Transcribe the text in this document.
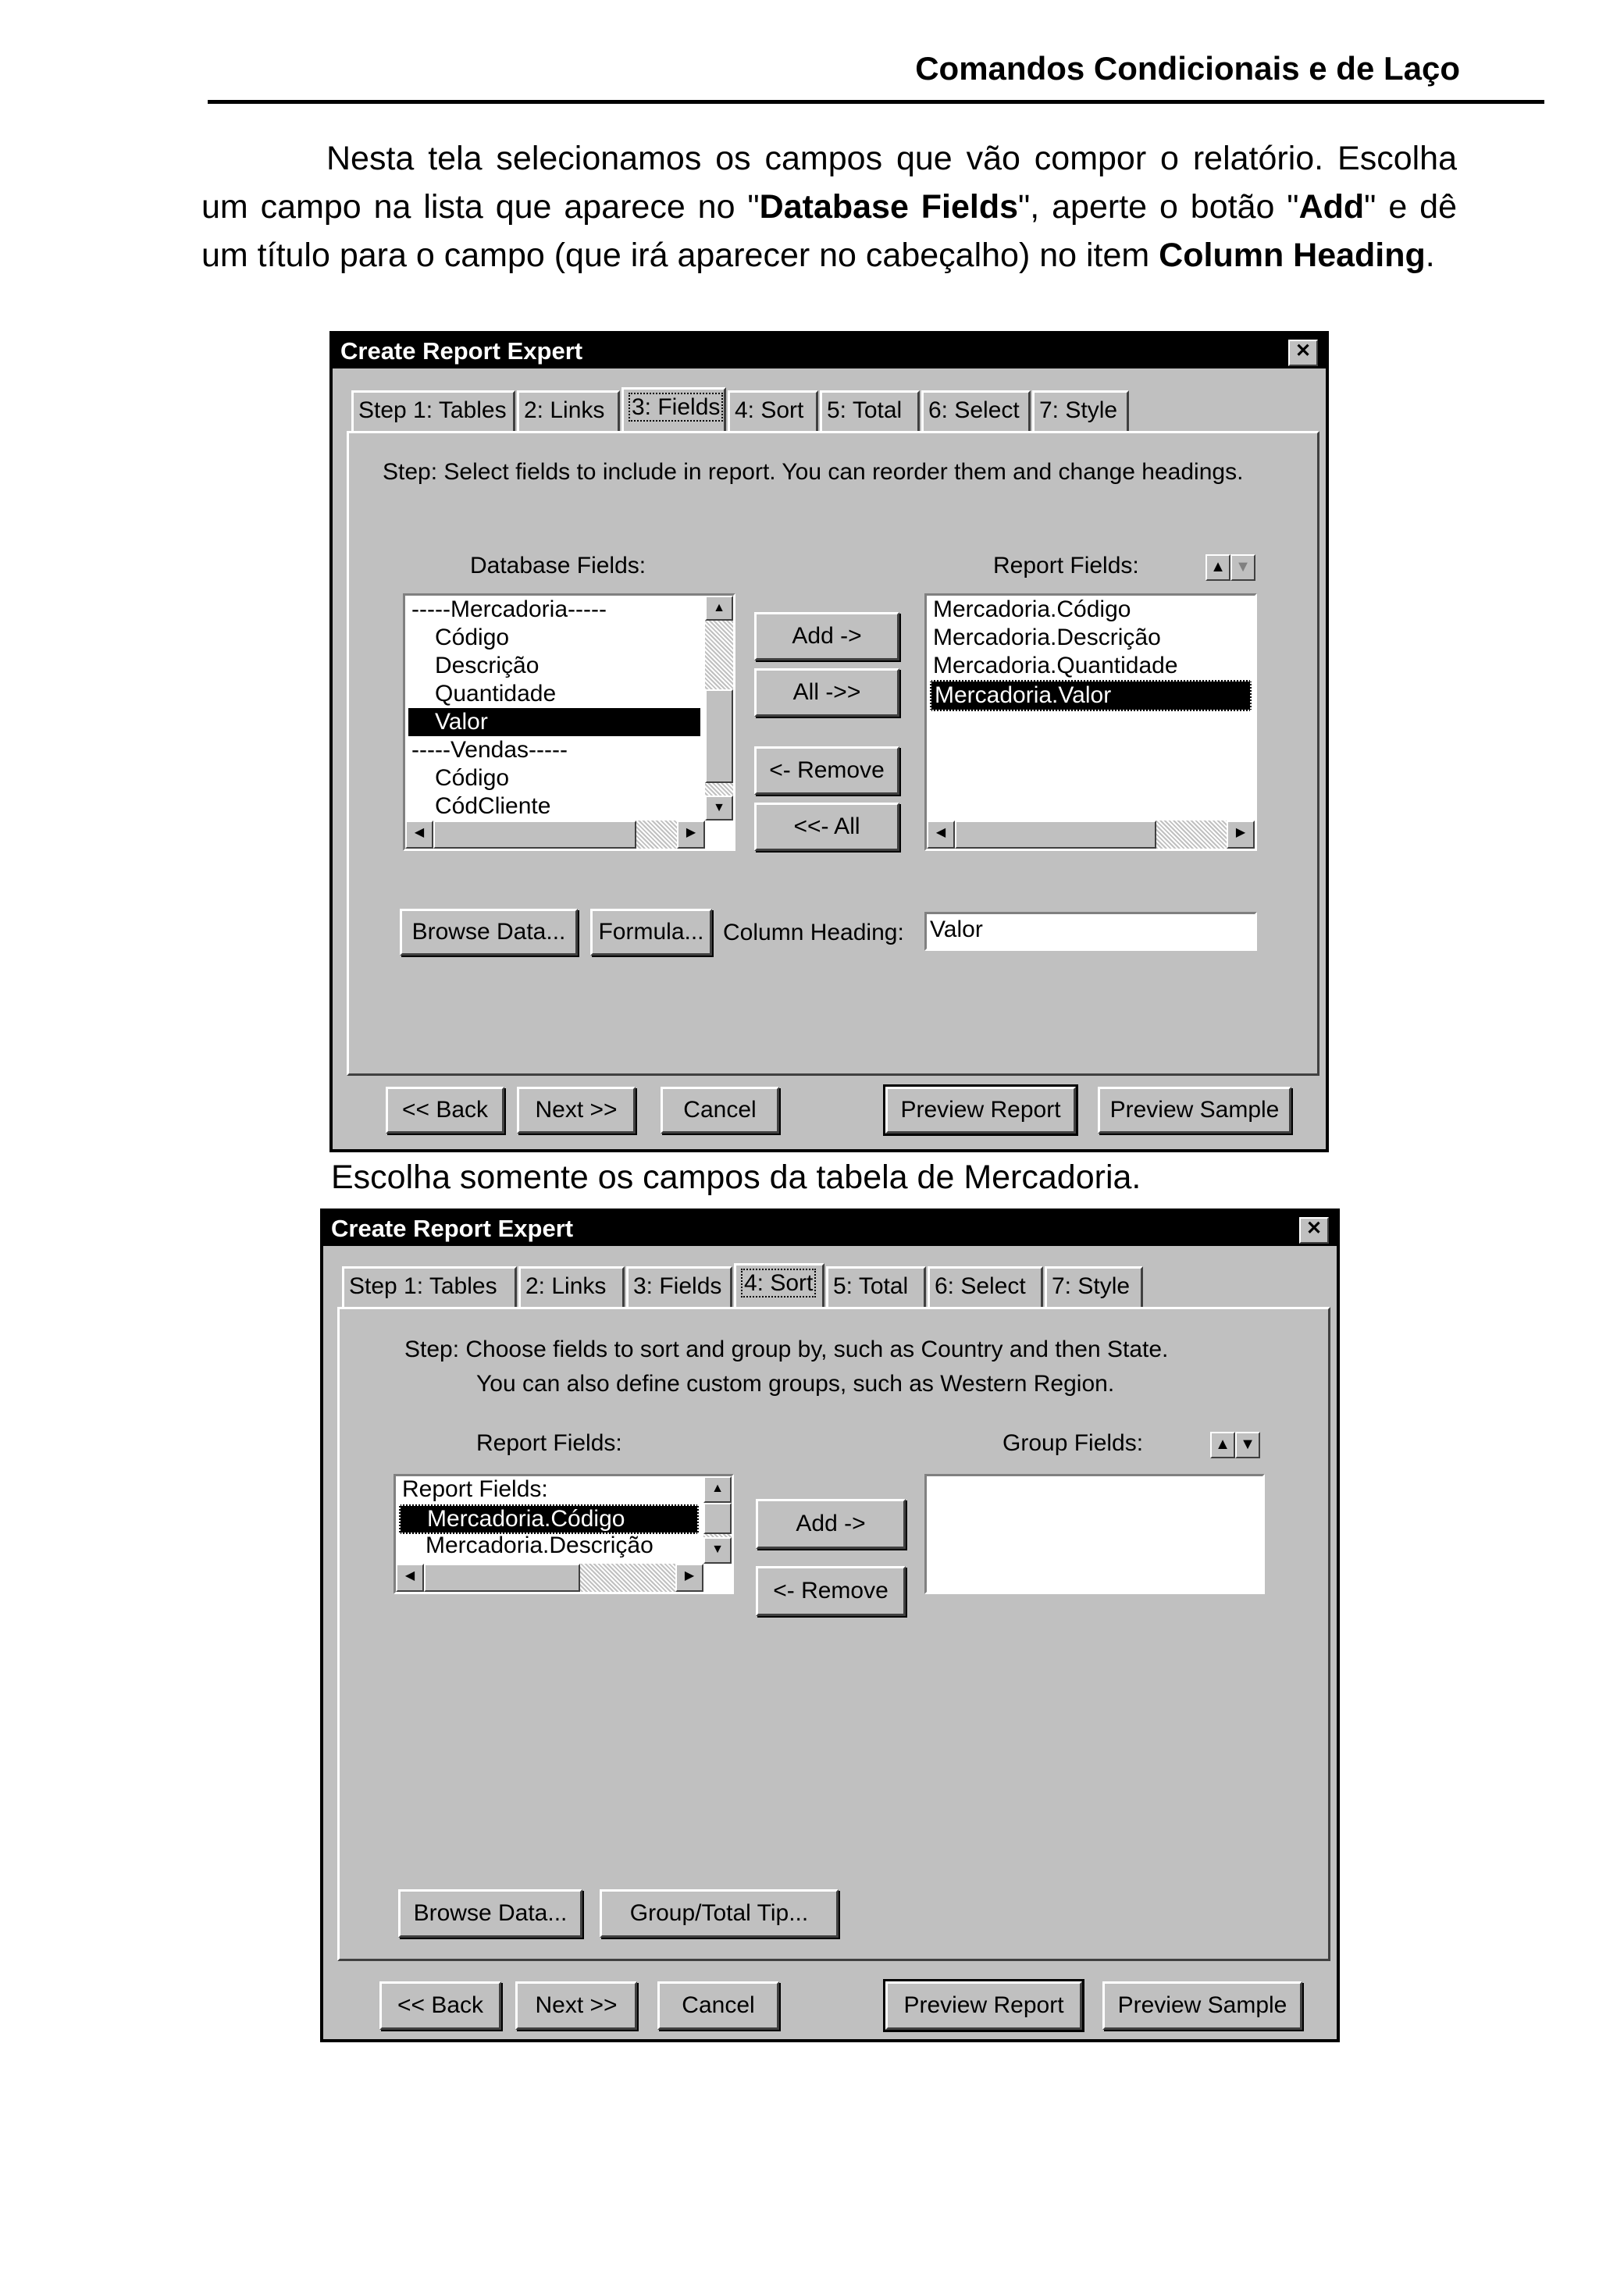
Comandos Condicionais e de Laço
Nesta tela selecionamos os campos que vão compor o relatório. Escolha um campo na lista que aparece no "Database Fields", aperte o botão "Add" e dê um título para o campo (que irá aparecer no cabeçalho) no item Column Heading.
Create Report Expert	✕
Step 1: Tables 2: Links	3: Fields 4: Sort 5: Total	6: Select 7: Style
Step: Select fields to include in report. You can reorder them and change headings.
Database Fields:	Report Fields:	▲ ▼
-----Mercadoria-----
Código
Descrição
Quantidade
Valor
-----Vendas-----
Código
CódCliente
▲
▼
◀	▶
Add ->
All ->>
<- Remove
<<- All
Mercadoria.Código
Mercadoria.Descrição
Mercadoria.Quantidade
Mercadoria.Valor
◀	▶
Browse Data...	Formula... Column Heading: Valor
<< Back	Next >>	Cancel	Preview Report	Preview Sample
Escolha somente os campos da tabela de Mercadoria.
Create Report Expert	✕
Step 1: Tables	2: Links	3: Fields 4: Sort 5: Total	6: Select	7: Style
Step: Choose fields to sort and group by, such as Country and then State.
You can also define custom groups, such as Western Region.
Report Fields:	Group Fields:	▲ ▼
Report Fields:
Mercadoria.Código
Mercadoria.Descrição
▲
▼
◀	▶
Add ->
<- Remove
Browse Data...	Group/Total Tip...
<< Back	Next >>	Cancel	Preview Report	Preview Sample
